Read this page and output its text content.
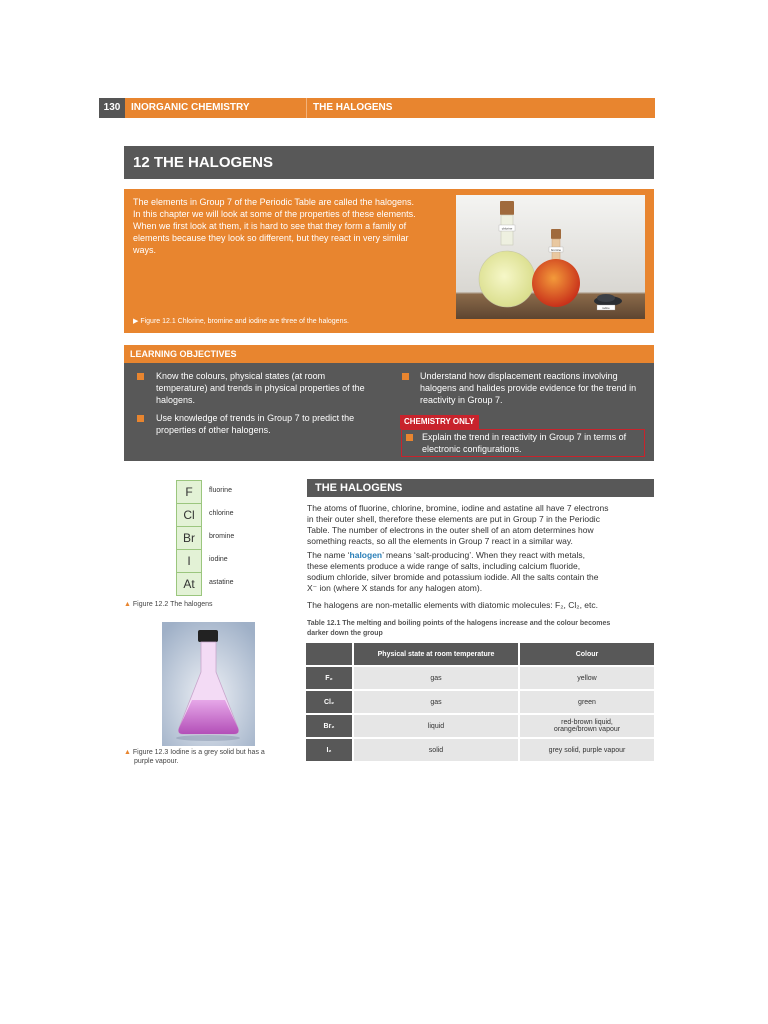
130	INORGANIC CHEMISTRY	THE HALOGENS
12 THE HALOGENS
The elements in Group 7 of the Periodic Table are called the halogens.
In this chapter we will look at some of the properties of these elements.
When we first look at them, it is hard to see that they form a family of
elements because they look so different, but they react in very similar
ways.
chlorine
bromine
iodine
▶ Figure 12.1 Chlorine, bromine and iodine are three of the halogens.
LEARNING OBJECTIVES
Know the colours, physical states (at room
temperature) and trends in physical properties of the
halogens.
Use knowledge of trends in Group 7 to predict the
properties of other halogens.
Understand how displacement reactions involving
halogens and halides provide evidence for the trend in
reactivity in Group 7.
CHEMISTRY ONLY
Explain the trend in reactivity in Group 7 in terms of
electronic configurations.
F	fluorine
Cl	chlorine
Br	bromine
I	iodine
At	astatine
▲ Figure 12.2 The halogens
▲ Figure 12.3 Iodine is a grey solid but has a
purple vapour.
THE HALOGENS
The atoms of fluorine, chlorine, bromine, iodine and astatine all have 7 electrons
in their outer shell, therefore these elements are put in Group 7 in the Periodic
Table. The number of electrons in the outer shell of an atom determines how
something reacts, so all the elements in Group 7 react in a similar way.
The name ‘halogen’ means ‘salt-producing’. When they react with metals,
these elements produce a wide range of salts, including calcium fluoride,
sodium chloride, silver bromide and potassium iodide. All the salts contain the
X⁻ ion (where X stands for any halogen atom).
The halogens are non-metallic elements with diatomic molecules: F₂, Cl₂, etc.
Table 12.1 The melting and boiling points of the halogens increase and the colour becomes
darker down the group
	Physical state at room temperature	Colour
F₂	gas	yellow
Cl₂	gas	green
Br₂	liquid	red-brown liquid,
orange/brown vapour

I₂	solid	grey solid, purple vapour
